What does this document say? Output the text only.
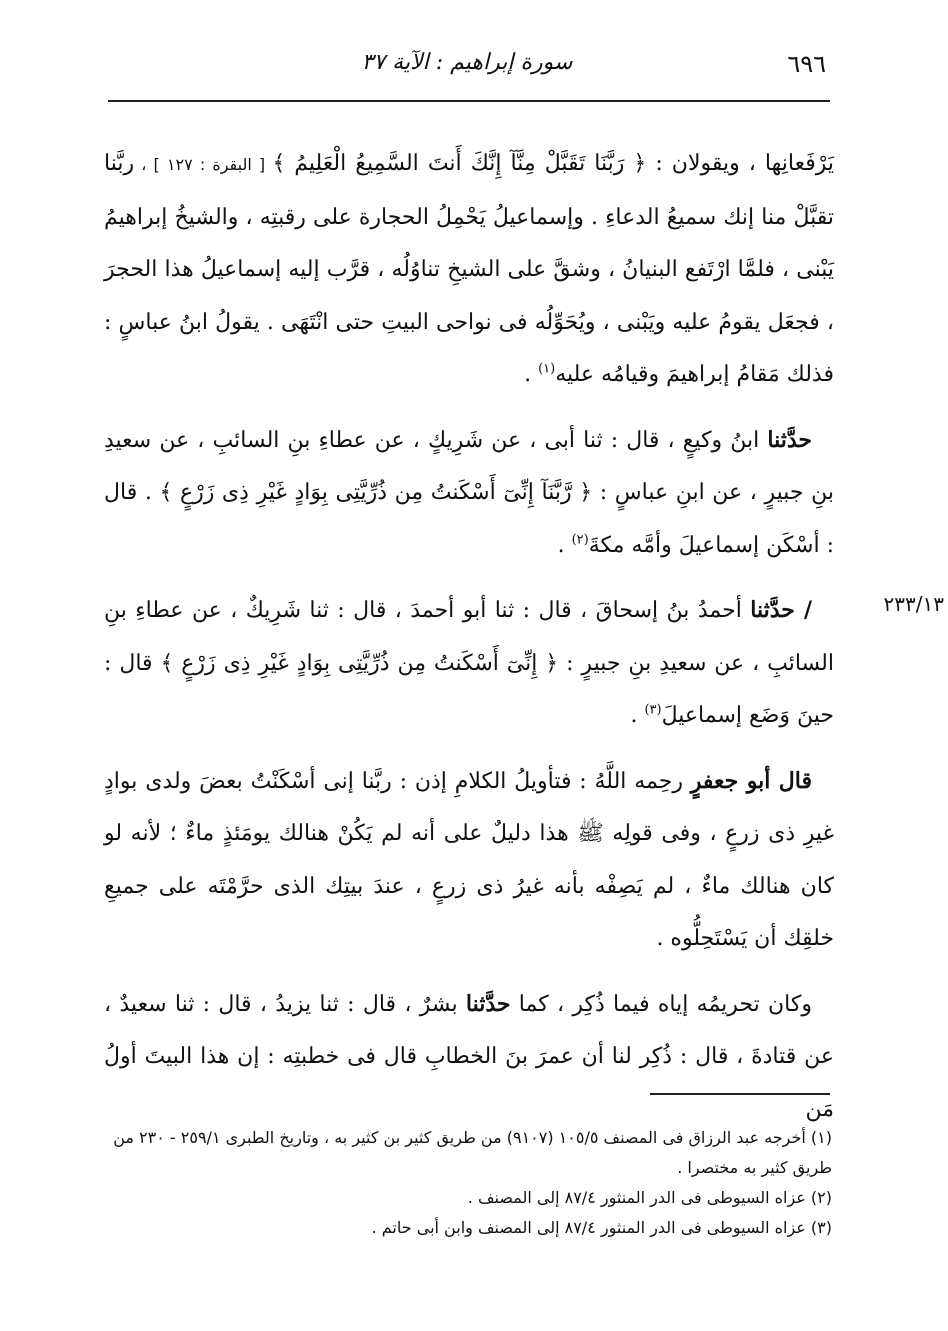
٦٩٦
سورة إبراهيم : الآية ٣٧
٢٣٣/١٣

يَرْفَعانِها ، ويقولان : ﴿ رَبَّنَا تَقَبَّلْ مِنَّآ إِنَّكَ أَنتَ السَّمِيعُ الْعَلِيمُ ﴾ [ البقرة : ١٢٧ ] ، ربَّنا تقبَّلْ منا إنك سميعُ الدعاءِ . وإسماعيلُ يَحْمِلُ الحجارة على رقبتِه ، والشيخُ إبراهيمُ يَبْنى ، فلمَّا ارْتَفع البنيانُ ، وشقَّ على الشيخِ تناوُلُه ، قرَّب إليه إسماعيلُ هذا الحجرَ ، فجعَل يقومُ عليه ويَبْنى ، ويُحَوِّلُه فى نواحى البيتِ حتى انْتَهَى . يقولُ ابنُ عباسٍ : فذلك مَقامُ إبراهيمَ وقيامُه عليه$^{(١)}$ .

حدَّثنا ابنُ وكيعٍ ، قال : ثنا أبى ، عن شَرِيكٍ ، عن عطاءِ بنِ السائبِ ، عن سعيدِ بنِ جبيرٍ ، عن ابنِ عباسٍ : ﴿ رَّبَّنَآ إِنِّىٓ أَسْكَنتُ مِن ذُرِّيَّتِى بِوَادٍ غَيْرِ ذِى زَرْعٍ ﴾ . قال : أسْكَن إسماعيلَ وأمَّه مكةَ$^{(٢)}$ .

/ حدَّثنا أحمدُ بنُ إسحاقَ ، قال : ثنا أبو أحمدَ ، قال : ثنا شَرِيكٌ ، عن عطاءِ بنِ السائبِ ، عن سعيدِ بنِ جبيرٍ : ﴿ إِنِّىٓ أَسْكَنتُ مِن ذُرِّيَّتِى بِوَادٍ غَيْرِ ذِى زَرْعٍ ﴾ قال : حينَ وَضَع إسماعيلَ$^{(٣)}$ .

قال أبو جعفرٍ رحِمه اللَّهُ : فتأويلُ الكلامِ إذن : ربَّنا إنى أسْكَنْتُ بعضَ ولدى بوادٍ غيرِ ذى زرعٍ ، وفى قولِه ﷺ هذا دليلٌ على أنه لم يَكُنْ هنالك يومَئذٍ ماءٌ ؛ لأنه لو كان هنالك ماءٌ ، لم يَصِفْه بأنه غيرُ ذى زرعٍ ، عندَ بيتِك الذى حرَّمْتَه على جميعِ خلقِك أن يَسْتَحِلُّوه .

وكان تحريمُه إياه فيما ذُكِر ، كما حدَّثنا بشرٌ ، قال : ثنا يزيدُ ، قال : ثنا سعيدٌ ، عن قتادةَ ، قال : ذُكِر لنا أن عمرَ بنَ الخطابِ قال فى خطبتِه : إن هذا البيتَ أولُ مَن

(١) أخرجه عبد الرزاق فى المصنف ١٠٥/٥ (٩١٠٧) من طريق كثير بن كثير به ، وتاريخ الطبرى ٢٥٩/١ - ٢٣٠ من طريق كثير به مختصرا .

(٢) عزاه السيوطى فى الدر المنثور ٨٧/٤ إلى المصنف .

(٣) عزاه السيوطى فى الدر المنثور ٨٧/٤ إلى المصنف وابن أبى حاتم .
